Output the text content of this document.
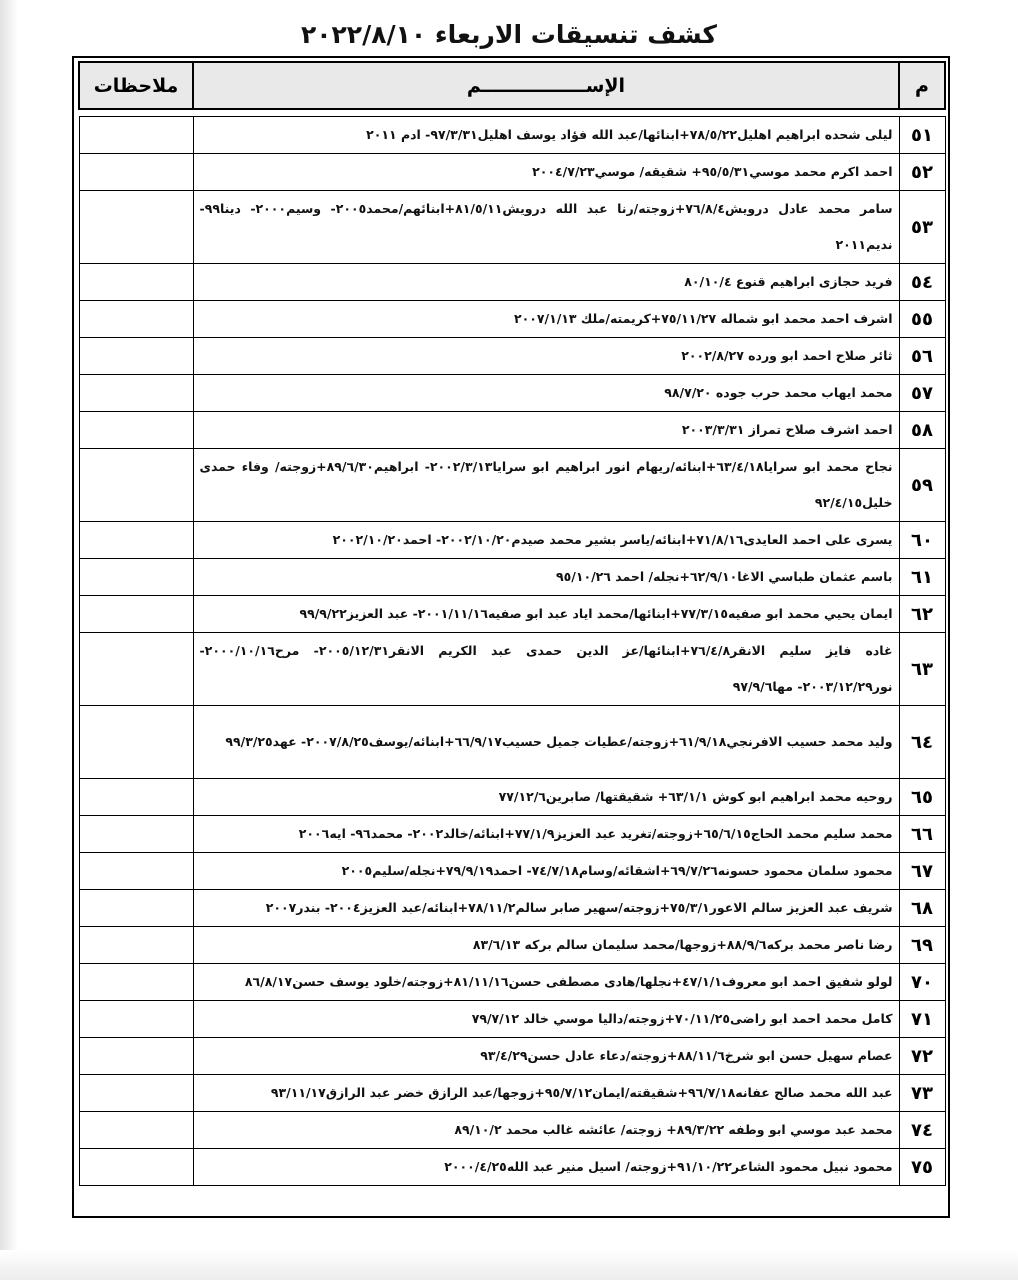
كشف تنسيقات الاربعاء ٢٠٢٢/٨/١٠
م	الإســــــــــــــــم	ملاحظات

٥١	ليلى شحده ابراهيم اهليل٧٨/٥/٢٢+ابنائها/عبد الله فؤاد يوسف اهليل٩٧/٣/٣١- ادم ٢٠١١	
٥٢	احمد اكرم محمد موسي٩٥/٥/٣١+ شقيقه/ موسي٢٠٠٤/٧/٢٣	
٥٣	سامر محمد عادل درويش٧٦/٨/٤+زوجته/رنا عبد الله درويش٨١/٥/١١+ابنائهم/محمد٢٠٠٥- وسيم٢٠٠٠- دينا٩٩- نديم٢٠١١	
٥٤	فريد حجازى ابراهيم قنوع ٨٠/١٠/٤	
٥٥	اشرف احمد محمد ابو شماله ٧٥/١١/٢٧+كريمته/ملك ٢٠٠٧/١/١٣	
٥٦	ثائر صلاح احمد ابو ورده ٢٠٠٢/٨/٢٧	
٥٧	محمد ايهاب محمد حرب جوده ٩٨/٧/٢٠	
٥٨	احمد اشرف صلاح تمراز ٢٠٠٣/٣/٣١	
٥٩	نجاح محمد ابو سرايا٦٣/٤/١٨+ابنائه/ريهام انور ابراهيم ابو سرايا٢٠٠٢/٣/١٣- ابراهيم٨٩/٦/٣٠+زوجته/ وفاء حمدى خليل٩٢/٤/١٥	
٦٠	يسرى على احمد العايدى٧١/٨/١٦+ابنائه/ياسر بشير محمد صيدم٢٠٠٢/١٠/٢٠- احمد٢٠٠٢/١٠/٢٠	
٦١	باسم عثمان طباسي الاغا٦٢/٩/١٠+نجله/ احمد ٩٥/١٠/٢٦	
٦٢	ايمان يحيي محمد ابو صفيه٧٧/٣/١٥+ابنائها/محمد اياد عبد ابو صفيه٢٠٠١/١١/١٦- عبد العزيز٩٩/٩/٢٢	
٦٣	غاده فايز سليم الانقر٧٦/٤/٨+ابنائها/عز الدين حمدى عبد الكريم الانقر٢٠٠٥/١٢/٣١- مرح٢٠٠٠/١٠/١٦- نور٢٠٠٣/١٢/٢٩- مها٩٧/٩/٦	
٦٤	وليد محمد حسيب الافرنجي٦١/٩/١٨+زوجته/عطيات جميل حسيب٦٦/٩/١٧+ابنائه/يوسف٢٠٠٧/٨/٢٥- عهد٩٩/٣/٢٥	
٦٥	روحيه محمد ابراهيم ابو كوش ٦٣/١/١+ شقيقتها/ صابرين٧٧/١٢/٦	
٦٦	محمد سليم محمد الحاج٦٥/٦/١٥+زوجته/تغريد عبد العزيز٧٧/١/٩+ابنائه/خالد٢٠٠٢- محمد٩٦- ايه٢٠٠٦	
٦٧	محمود سلمان محمود حسونه٦٩/٧/٢٦+اشقائه/وسام٧٤/٧/١٨- احمد٧٩/٩/١٩+نجله/سليم٢٠٠٥	
٦٨	شريف عبد العزيز سالم الاعور٧٥/٣/١+زوجته/سهير صابر سالم٧٨/١١/٢+ابنائه/عبد العزيز٢٠٠٤- بندر٢٠٠٧	
٦٩	رضا ناصر محمد بركه٨٨/٩/٦+زوجها/محمد سليمان سالم بركه ٨٣/٦/١٣	
٧٠	لولو شفيق احمد ابو معروف٤٧/١/١+نجلها/هادى مصطفى حسن٨١/١١/١٦+زوجته/خلود يوسف حسن٨٦/٨/١٧	
٧١	كامل محمد احمد ابو راضى٧٠/١١/٢٥+زوجته/داليا موسي خالد ٧٩/٧/١٢	
٧٢	عصام سهيل حسن ابو شرخ٨٨/١١/٦+زوجته/دعاء عادل حسن٩٣/٤/٢٩	
٧٣	عبد الله محمد صالح عفانه٩٦/٧/١٨+شقيقته/ايمان٩٥/٧/١٢+زوجها/عبد الرازق خضر عبد الرازق٩٣/١١/١٧	
٧٤	محمد عبد موسي ابو وطفه ٨٩/٣/٢٢+ زوجته/ عائشه غالب محمد ٨٩/١٠/٢	
٧٥	محمود نبيل محمود الشاعر٩١/١٠/٢٢+زوجته/ اسيل منير عبد الله٢٠٠٠/٤/٢٥	
